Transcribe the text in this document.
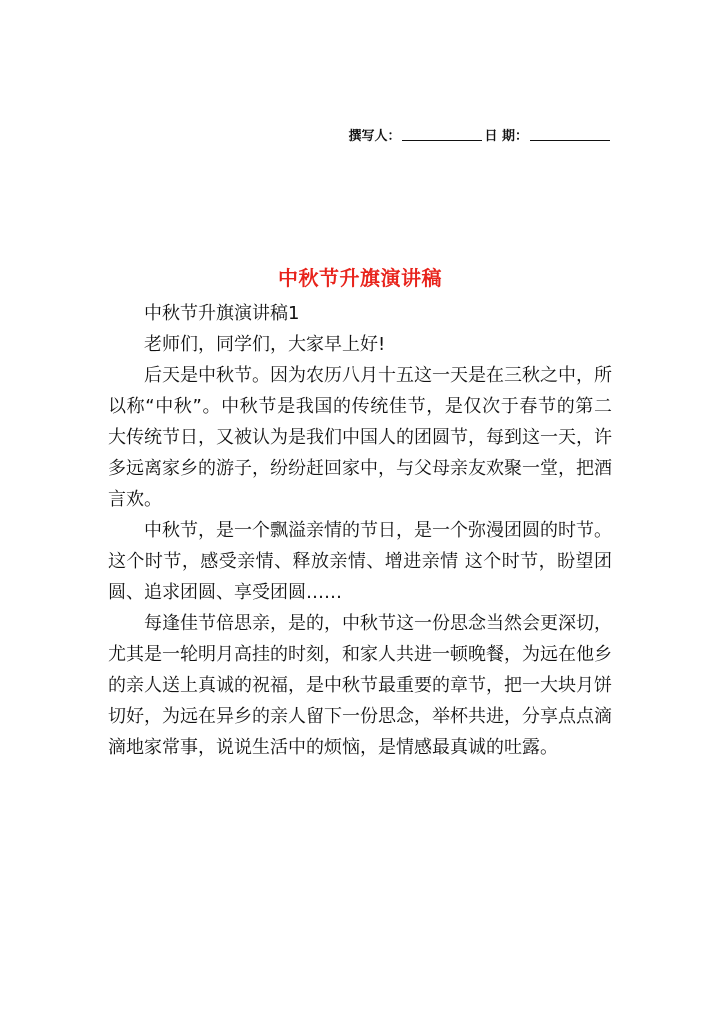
撰写人：	日 期：
中秋节升旗演讲稿

中秋节升旗演讲稿1

老师们，同学们，大家早上好!

后天是中秋节。因为农历八月十五这一天是在三秋之中，所以称“中秋”。中秋节是我国的传统佳节，是仅次于春节的第二大传统节日，又被认为是我们中国人的团圆节，每到这一天，许多远离家乡的游子，纷纷赶回家中，与父母亲友欢聚一堂，把酒言欢。

中秋节，是一个飘溢亲情的节日，是一个弥漫团圆的时节。这个时节，感受亲情、释放亲情、增进亲情 这个时节，盼望团圆、追求团圆、享受团圆……

每逢佳节倍思亲，是的，中秋节这一份思念当然会更深切，尤其是一轮明月高挂的时刻，和家人共进一顿晚餐，为远在他乡的亲人送上真诚的祝福，是中秋节最重要的章节，把一大块月饼切好，为远在异乡的亲人留下一份思念，举杯共进，分享点点滴滴地家常事，说说生活中的烦恼，是情感最真诚的吐露。
